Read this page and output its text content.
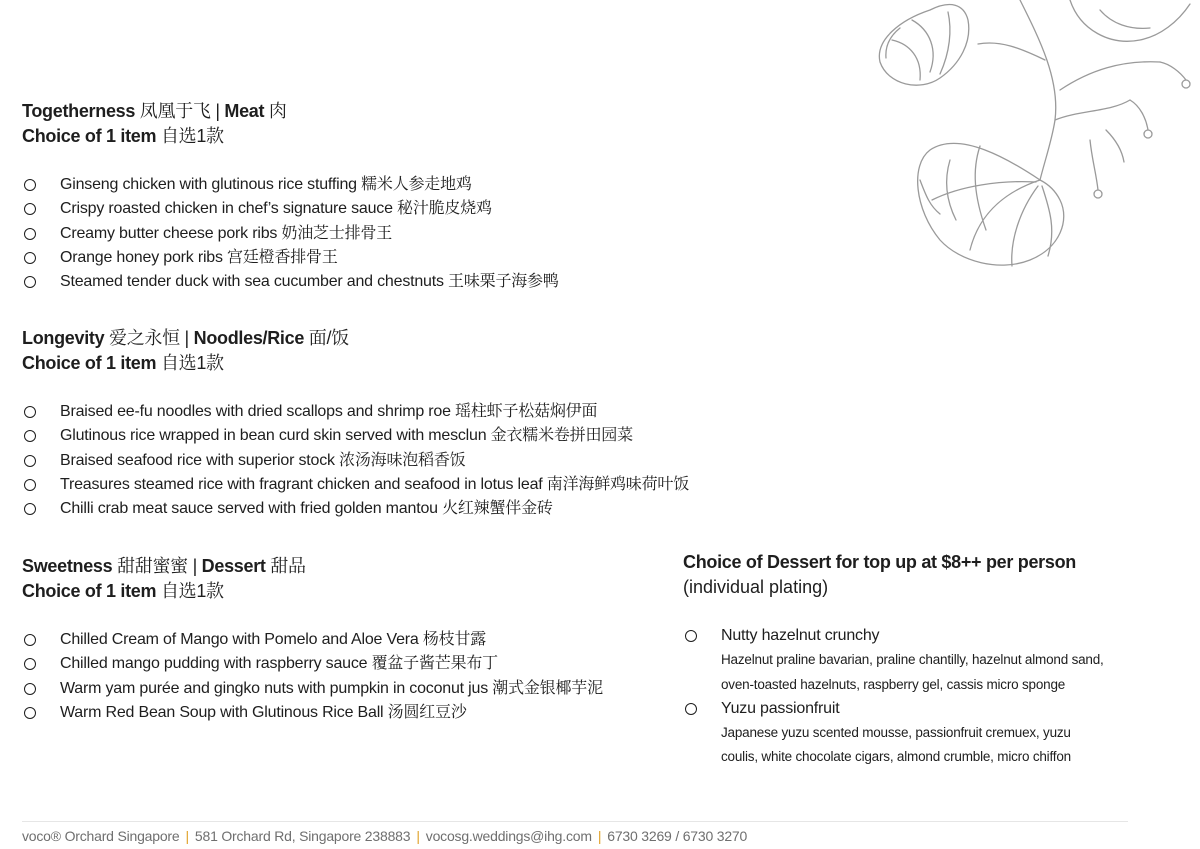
Togetherness 凤凰于飞 | Meat 肉
Choice of 1 item 自选1款
Ginseng chicken with glutinous rice stuffing 糯米人参走地鸡
Crispy roasted chicken in chef’s signature sauce 秘汁脆皮烧鸡
Creamy butter cheese pork ribs 奶油芝士排骨王
Orange honey pork ribs 宫廷橙香排骨王
Steamed tender duck with sea cucumber and chestnuts 王味栗子海参鸭
Longevity 爱之永恒 | Noodles/Rice 面/饭
Choice of 1 item 自选1款
Braised ee-fu noodles with dried scallops and shrimp roe 瑶柱虾子松菇焖伊面
Glutinous rice wrapped in bean curd skin served with mesclun 金衣糯米卷拼田园菜
Braised seafood rice with superior stock 浓汤海味泡稻香饭
Treasures steamed rice with fragrant chicken and seafood in lotus leaf 南洋海鲜鸡味荷叶饭
Chilli crab meat sauce served with fried golden mantou 火红辣蟹伴金砖
Sweetness 甜甜蜜蜜 | Dessert 甜品
Choice of 1 item 自选1款
Chilled Cream of Mango with Pomelo and Aloe Vera 杨枝甘露
Chilled mango pudding with raspberry sauce 覆盆子酱芒果布丁
Warm yam purée and gingko nuts with pumpkin in coconut jus 潮式金银椰芋泥
Warm Red Bean Soup with Glutinous Rice Ball 汤圆红豆沙
Choice of Dessert for top up at $8++ per person
(individual plating)
Nutty hazelnut crunchy
Hazelnut praline bavarian, praline chantilly, hazelnut almond sand,
oven-toasted hazelnuts, raspberry gel, cassis micro sponge
Yuzu passionfruit
Japanese yuzu scented mousse, passionfruit cremuex, yuzu
coulis, white chocolate cigars, almond crumble, micro chiffon
voco® Orchard Singapore | 581 Orchard Rd, Singapore 238883 | vocosg.weddings@ihg.com | 6730 3269 / 6730 3270
